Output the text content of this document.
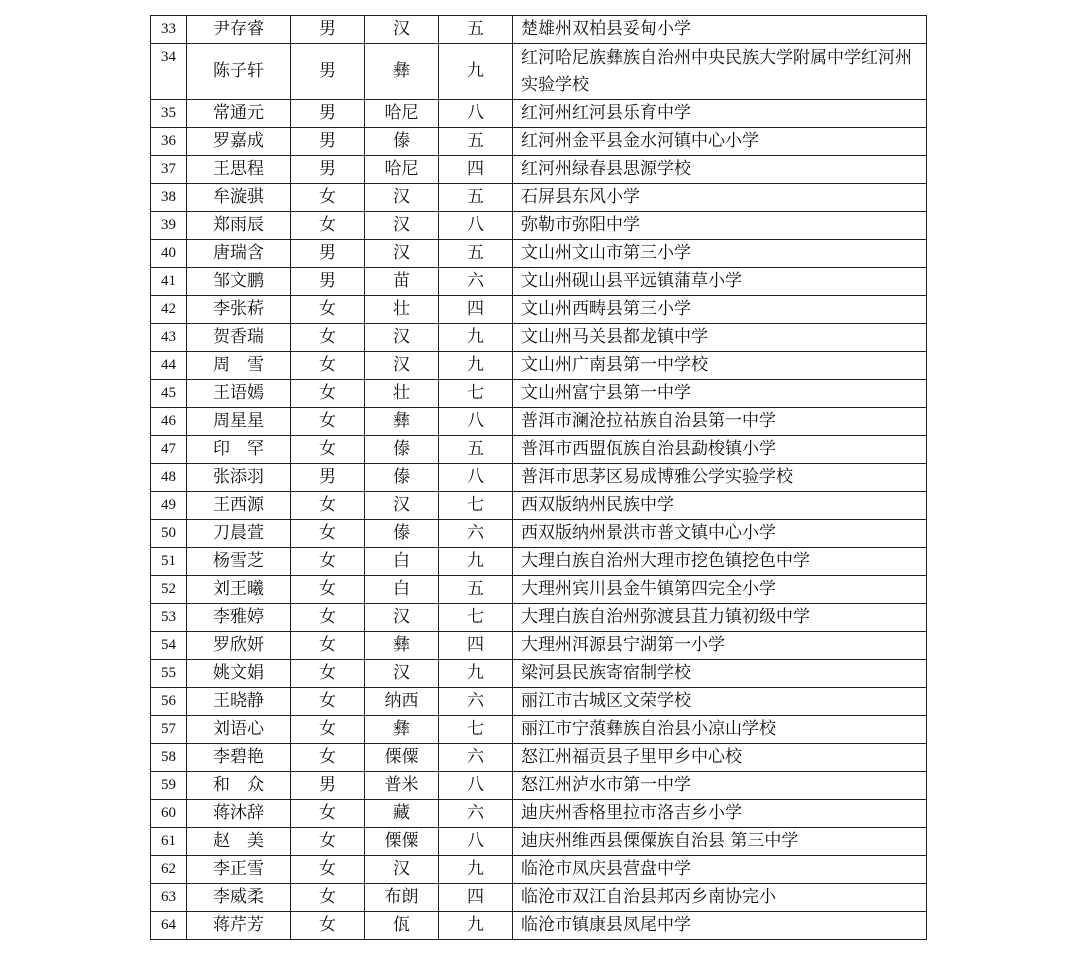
33	尹存睿	男	汉	五	楚雄州双柏县妥甸小学
34	陈子轩	男	彝	九	红河哈尼族彝族自治州中央民族大学附属中学红河州实验学校
35	常通元	男	哈尼	八	红河州红河县乐育中学
36	罗嘉成	男	傣	五	红河州金平县金水河镇中心小学
37	王思程	男	哈尼	四	红河州绿春县思源学校
38	牟漩骐	女	汉	五	石屏县东风小学
39	郑雨辰	女	汉	八	弥勒市弥阳中学
40	唐瑞含	男	汉	五	文山州文山市第三小学
41	邹文鹏	男	苗	六	文山州砚山县平远镇蒲草小学
42	李张菥	女	壮	四	文山州西畴县第三小学
43	贺香瑞	女	汉	九	文山州马关县都龙镇中学
44	周　雪	女	汉	九	文山州广南县第一中学校
45	王语嫣	女	壮	七	文山州富宁县第一中学
46	周星星	女	彝	八	普洱市澜沧拉祜族自治县第一中学
47	印　罕	女	傣	五	普洱市西盟佤族自治县勐梭镇小学
48	张添羽	男	傣	八	普洱市思茅区易成博雅公学实验学校
49	王西源	女	汉	七	西双版纳州民族中学
50	刀晨萱	女	傣	六	西双版纳州景洪市普文镇中心小学
51	杨雪芝	女	白	九	大理白族自治州大理市挖色镇挖色中学
52	刘王曦	女	白	五	大理州宾川县金牛镇第四完全小学
53	李雅婷	女	汉	七	大理白族自治州弥渡县苴力镇初级中学
54	罗欣妍	女	彝	四	大理州洱源县宁湖第一小学
55	姚文娟	女	汉	九	梁河县民族寄宿制学校
56	王晓静	女	纳西	六	丽江市古城区文荣学校
57	刘语心	女	彝	七	丽江市宁蒗彝族自治县小凉山学校
58	李碧艳	女	傈僳	六	怒江州福贡县子里甲乡中心校
59	和　众	男	普米	八	怒江州泸水市第一中学
60	蒋沐辞	女	藏	六	迪庆州香格里拉市洛吉乡小学
61	赵　美	女	傈僳	八	迪庆州维西县傈僳族自治县 第三中学
62	李正雪	女	汉	九	临沧市凤庆县营盘中学
63	李威柔	女	布朗	四	临沧市双江自治县邦丙乡南协完小
64	蒋芹芳	女	佤	九	临沧市镇康县凤尾中学
